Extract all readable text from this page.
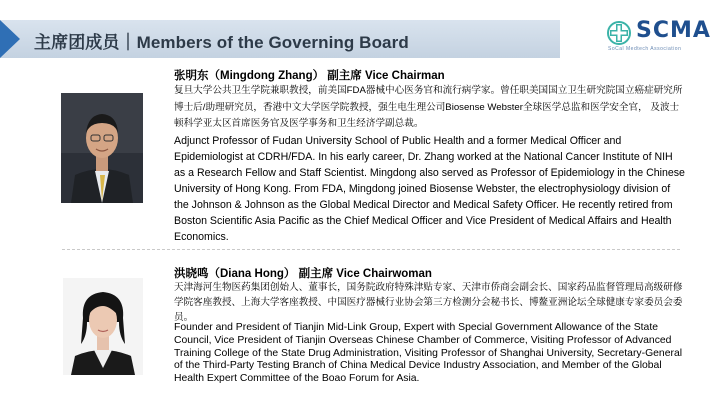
主席团成员｜Members of the Governing Board	SCMA
SoCal Medtech Association
张明东（Mingdong Zhang） 副主席 Vice Chairman
复旦大学公共卫生学院兼职教授，前美国FDA器械中心医务官和流行病学家。曾任职美国国立卫生研究院国立癌症研究所博士后/助理研究员，香港中文大学医学院教授，强生电生理公司Biosense Webster全球医学总监和医学安全官， 及波士顿科学亚太区首席医务官及医学事务和卫生经济学副总裁。
Adjunct Professor of Fudan University School of Public Health and a former Medical Officer and Epidemiologist at CDRH/FDA. In his early career, Dr. Zhang worked at the National Cancer Institute of NIH as a Research Fellow and Staff Scientist. Mingdong also served as Professor of Epidemiology in the Chinese University of Hong Kong. From FDA, Mingdong joined Biosense Webster, the electrophysiology division of the Johnson & Johnson as the Global Medical Director and Medical Safety Officer. He recently retired from Boston Scientific Asia Pacific as the Chief Medical Officer and Vice President of Medical Affairs and Health Economics.
洪晓鸣（Diana Hong） 副主席 Vice Chairwoman
天津海河生物医药集团创始人、董事长，国务院政府特殊津贴专家、天津市侨商会副会长、国家药品监督管理局高级研修学院客座教授、上海大学客座教授、中国医疗器械行业协会第三方检测分会秘书长、博鳌亚洲论坛全球健康专家委员会委员。
Founder and President of Tianjin Mid-Link Group, Expert with Special Government Allowance of the State Council, Vice President of Tianjin Overseas Chinese Chamber of Commerce, Visiting Professor of Advanced Training College of the State Drug Administration, Visiting Professor of Shanghai University, Secretary-General of the Third-Party Testing Branch of China Medical Device Industry Association, and Member of the Global Health Expert Committee of the Boao Forum for Asia.
